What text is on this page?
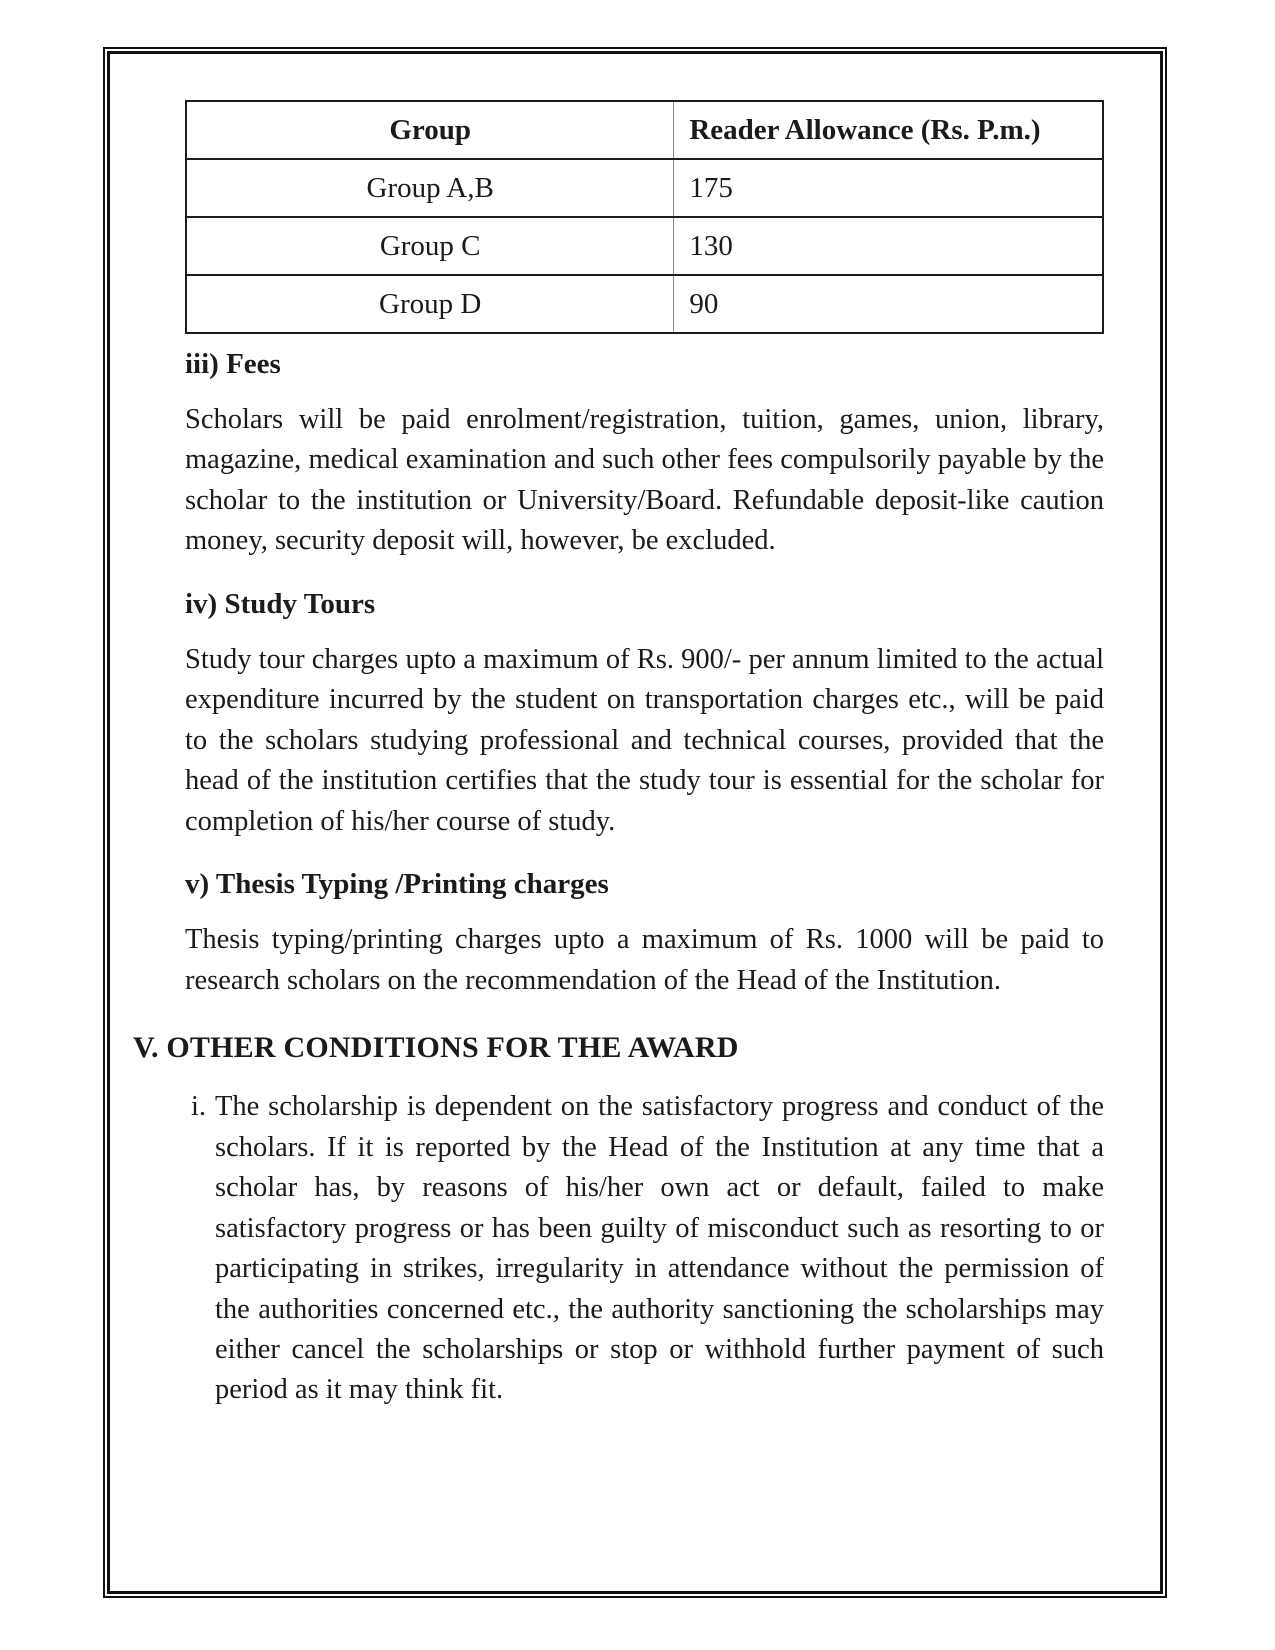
Group	Reader Allowance (Rs. P.m.)
Group A,B	175
Group C	130
Group D	90
iii) Fees

Scholars will be paid enrolment/registration, tuition, games, union, library, magazine, medical examination and such other fees compulsorily payable by the scholar to the institution or University/Board. Refundable deposit-like caution money, security deposit will, however, be excluded.

iv) Study Tours

Study tour charges upto a maximum of Rs. 900/- per annum limited to the actual expenditure incurred by the student on transportation charges etc., will be paid to the scholars studying professional and technical courses, provided that the head of the institution certifies that the study tour is essential for the scholar for completion of his/her course of study.

v) Thesis Typing /Printing charges

Thesis typing/printing charges upto a maximum of Rs. 1000 will be paid to research scholars on the recommendation of the Head of the Institution.

V. OTHER CONDITIONS FOR THE AWARD
i. The scholarship is dependent on the satisfactory progress and conduct of the scholars. If it is reported by the Head of the Institution at any time that a scholar has, by reasons of his/her own act or default, failed to make satisfactory progress or has been guilty of misconduct such as resorting to or participating in strikes, irregularity in attendance without the permission of the authorities concerned etc., the authority sanctioning the scholarships may either cancel the scholarships or stop or withhold further payment of such period as it may think fit.
